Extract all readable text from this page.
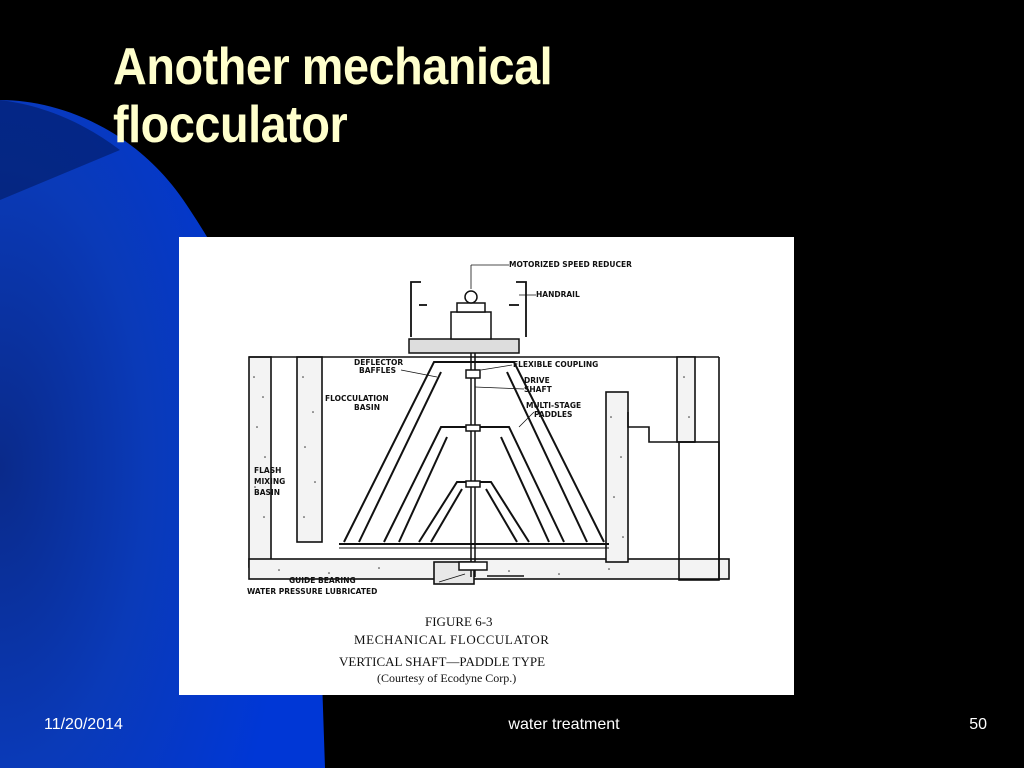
Another mechanical
flocculator
MOTORIZED SPEED REDUCER
HANDRAIL
DEFLECTOR
BAFFLES
FLEXIBLE COUPLING
DRIVE
SHAFT
FLOCCULATION
BASIN	MULTI-STAGE
PADDLES
FLASH
MIXING
BASIN
GUIDE BEARING
WATER PRESSURE LUBRICATED
FIGURE 6-3
MECHANICAL FLOCCULATOR
VERTICAL SHAFT—PADDLE TYPE
(Courtesy of Ecodyne Corp.)
11/20/2014	water treatment	50
